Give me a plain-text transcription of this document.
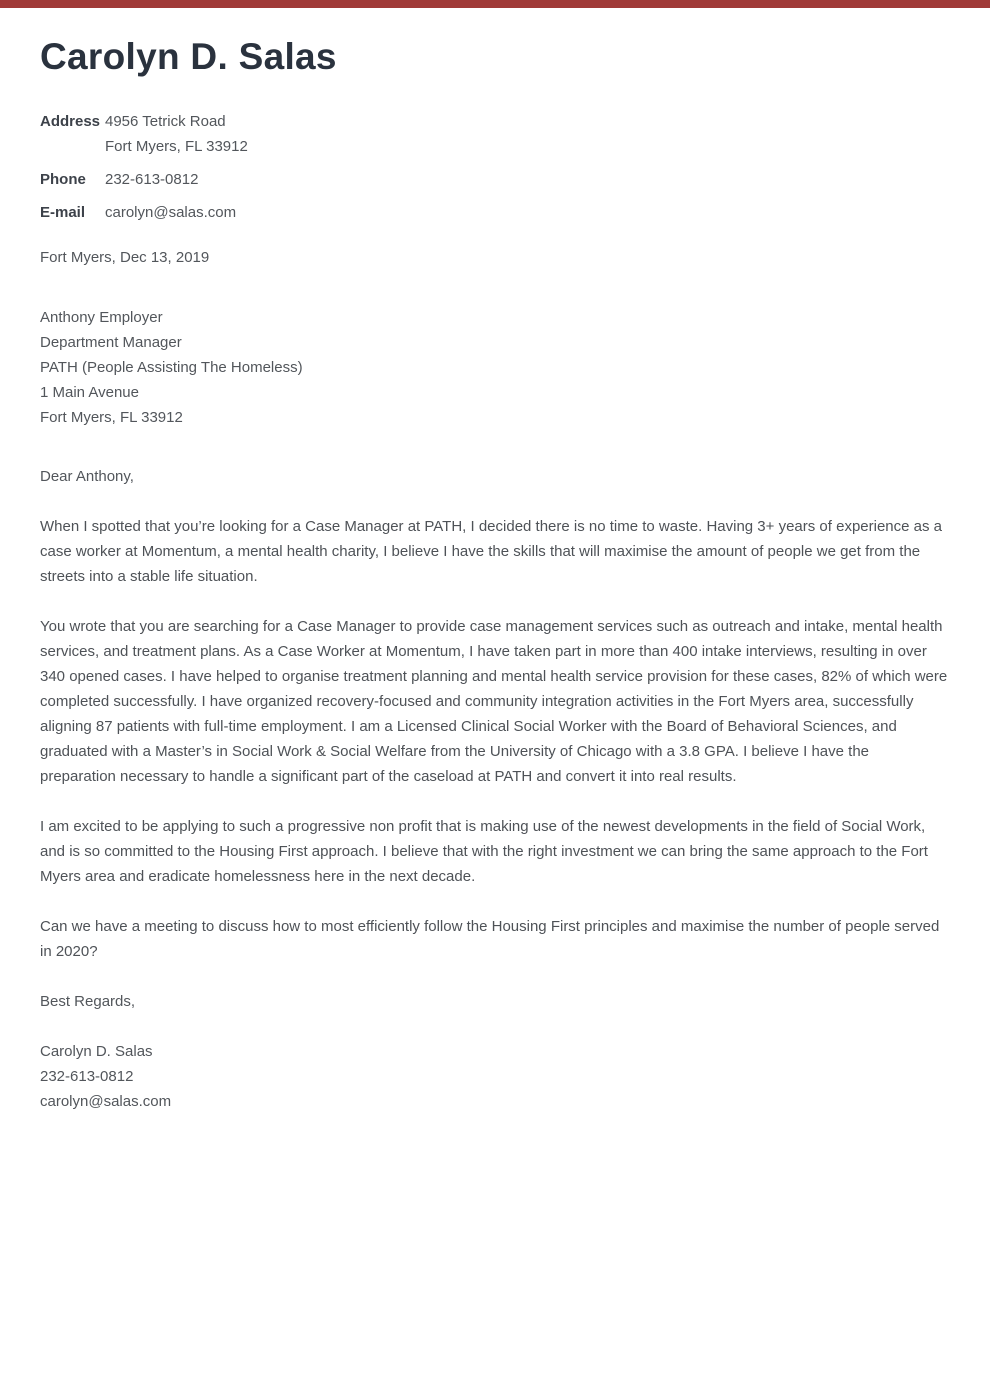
Carolyn D. Salas
Address 4956 Tetrick Road
Fort Myers, FL 33912
Phone	232-613-0812
E-mail	carolyn@salas.com
Fort Myers, Dec 13, 2019
Anthony Employer
Department Manager
PATH (People Assisting The Homeless)
1 Main Avenue
Fort Myers, FL 33912

Dear Anthony,

When I spotted that you’re looking for a Case Manager at PATH, I decided there is no time to waste. Having 3+ years of experience as a case worker at Momentum, a mental health charity, I believe I have the skills that will maximise the amount of people we get from the streets into a stable life situation.

You wrote that you are searching for a Case Manager to provide case management services such as outreach and intake, mental health services, and treatment plans. As a Case Worker at Momentum, I have taken part in more than 400 intake interviews, resulting in over 340 opened cases. I have helped to organise treatment planning and mental health service provision for these cases, 82% of which were completed successfully. I have organized recovery-focused and community integration activities in the Fort Myers area, successfully aligning 87 patients with full-time employment. I am a Licensed Clinical Social Worker with the Board of Behavioral Sciences, and graduated with a Master’s in Social Work & Social Welfare from the University of Chicago with a 3.8 GPA. I believe I have the preparation necessary to handle a significant part of the caseload at PATH and convert it into real results.

I am excited to be applying to such a progressive non profit that is making use of the newest developments in the field of Social Work, and is so committed to the Housing First approach. I believe that with the right investment we can bring the same approach to the Fort Myers area and eradicate homelessness here in the next decade.

Can we have a meeting to discuss how to most efficiently follow the Housing First principles and maximise the number of people served in 2020?

Best Regards,

Carolyn D. Salas
232-613-0812
carolyn@salas.com
